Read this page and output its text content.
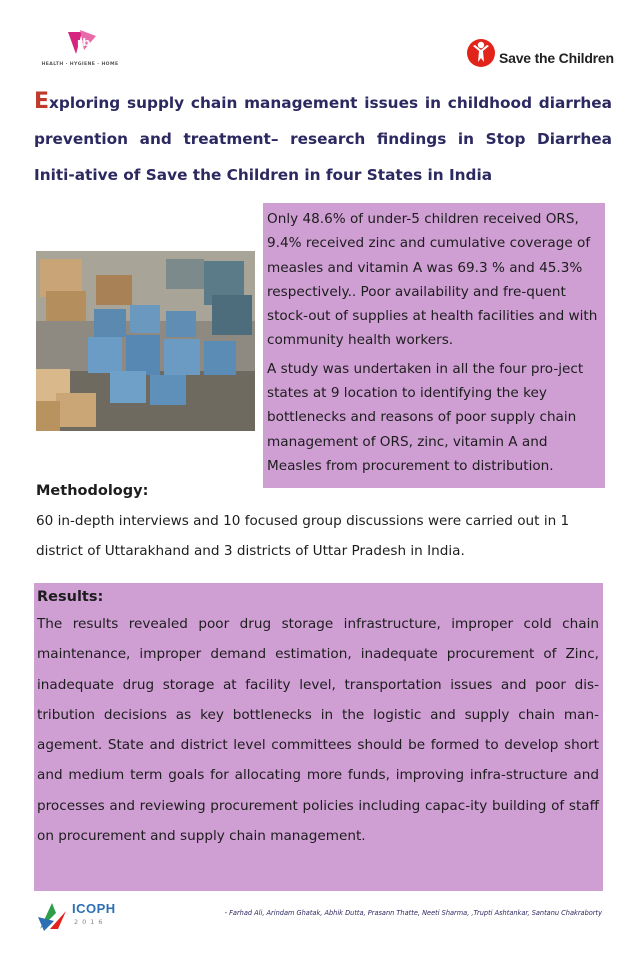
rb
HEALTH · HYGIENE · HOME	Save the Children
Exploring supply chain management issues in childhood diarrhea prevention and treatment– research findings in Stop Diarrhea Initi-ative of Save the Children in four States in India

Only 48.6% of under-5 children received ORS, 9.4% received zinc and cumulative coverage of measles and vitamin A was 69.3 % and 45.3% respectively.. Poor availability and fre-quent stock-out of supplies at health facilities and with community health workers.

A study was undertaken in all the four pro-ject states at 9 location to identifying the key bottlenecks and reasons of poor supply chain management of ORS, zinc, vitamin A and Measles from procurement to distribution.

Methodology:

60 in-depth interviews and 10 focused group discussions were carried out in 1 district of Uttarakhand and 3 districts of Uttar Pradesh in India.

Results:

The results revealed poor drug storage infrastructure, improper cold chain maintenance, improper demand estimation, inadequate procurement of Zinc, inadequate drug storage at facility level, transportation issues and poor dis-tribution decisions as key bottlenecks in the logistic and supply chain man-agement. State and district level committees should be formed to develop short and medium term goals for allocating more funds, improving infra-structure and processes and reviewing procurement policies including capac-ity building of staff on procurement and supply chain management.

ICOPH
2016
- Farhad Ali, Arindam Ghatak, Abhik Dutta, Prasann Thatte, Neeti Sharma, ,Trupti Ashtankar, Santanu Chakraborty
